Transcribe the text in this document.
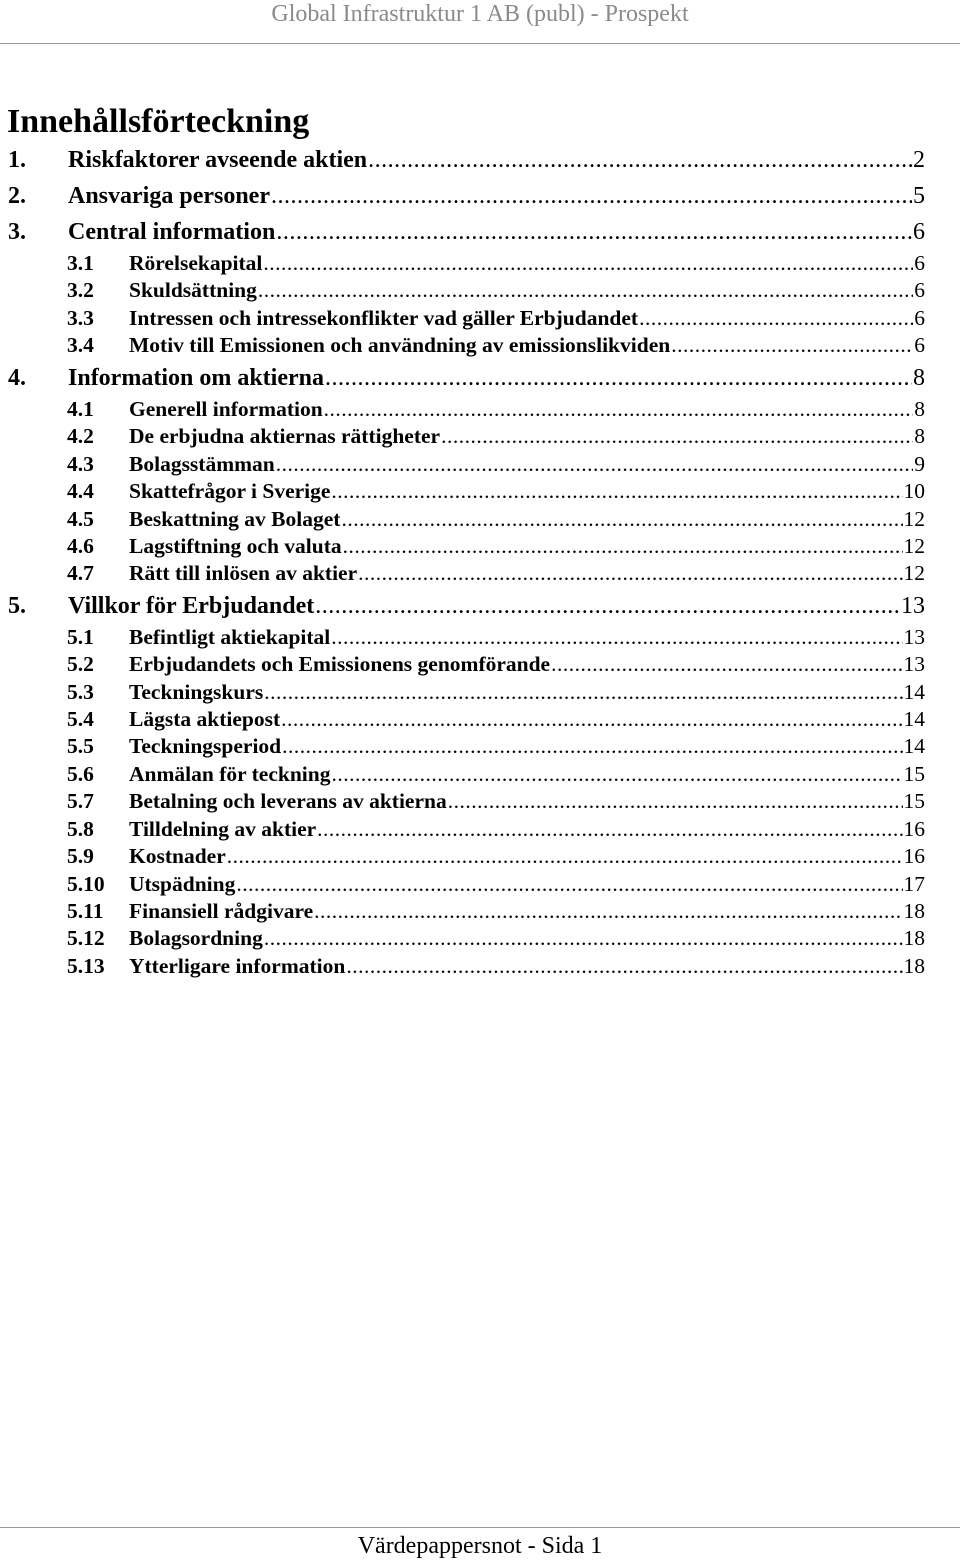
Global Infrastruktur 1 AB (publ) - Prospekt
Innehållsförteckning
1.	Riskfaktorer avseende aktien .....	2
2.	Ansvariga personer .....	5
3.	Central information .....	6
3.1	Rörelsekapital .....	6
3.2	Skuldsättning .....	6
3.3	Intressen och intressekonflikter vad gäller Erbjudandet .....	6
3.4	Motiv till Emissionen och användning av emissionslikviden .....	6
4.	Information om aktierna .....	8
4.1	Generell information .....	8
4.2	De erbjudna aktiernas rättigheter .....	8
4.3	Bolagsstämman .....	9
4.4	Skattefrågor i Sverige .....	10
4.5	Beskattning av Bolaget .....	12
4.6	Lagstiftning och valuta .....	12
4.7	Rätt till inlösen av aktier .....	12
5.	Villkor för Erbjudandet .....	13
5.1	Befintligt aktiekapital .....	13
5.2	Erbjudandets och Emissionens genomförande .....	13
5.3	Teckningskurs .....	14
5.4	Lägsta aktiepost .....	14
5.5	Teckningsperiod .....	14
5.6	Anmälan för teckning .....	15
5.7	Betalning och leverans av aktierna .....	15
5.8	Tilldelning av aktier .....	16
5.9	Kostnader .....	16
5.10	Utspädning .....	17
5.11	Finansiell rådgivare .....	18
5.12	Bolagsordning .....	18
5.13	Ytterligare information .....	18
Värdepappersnot - Sida 1
